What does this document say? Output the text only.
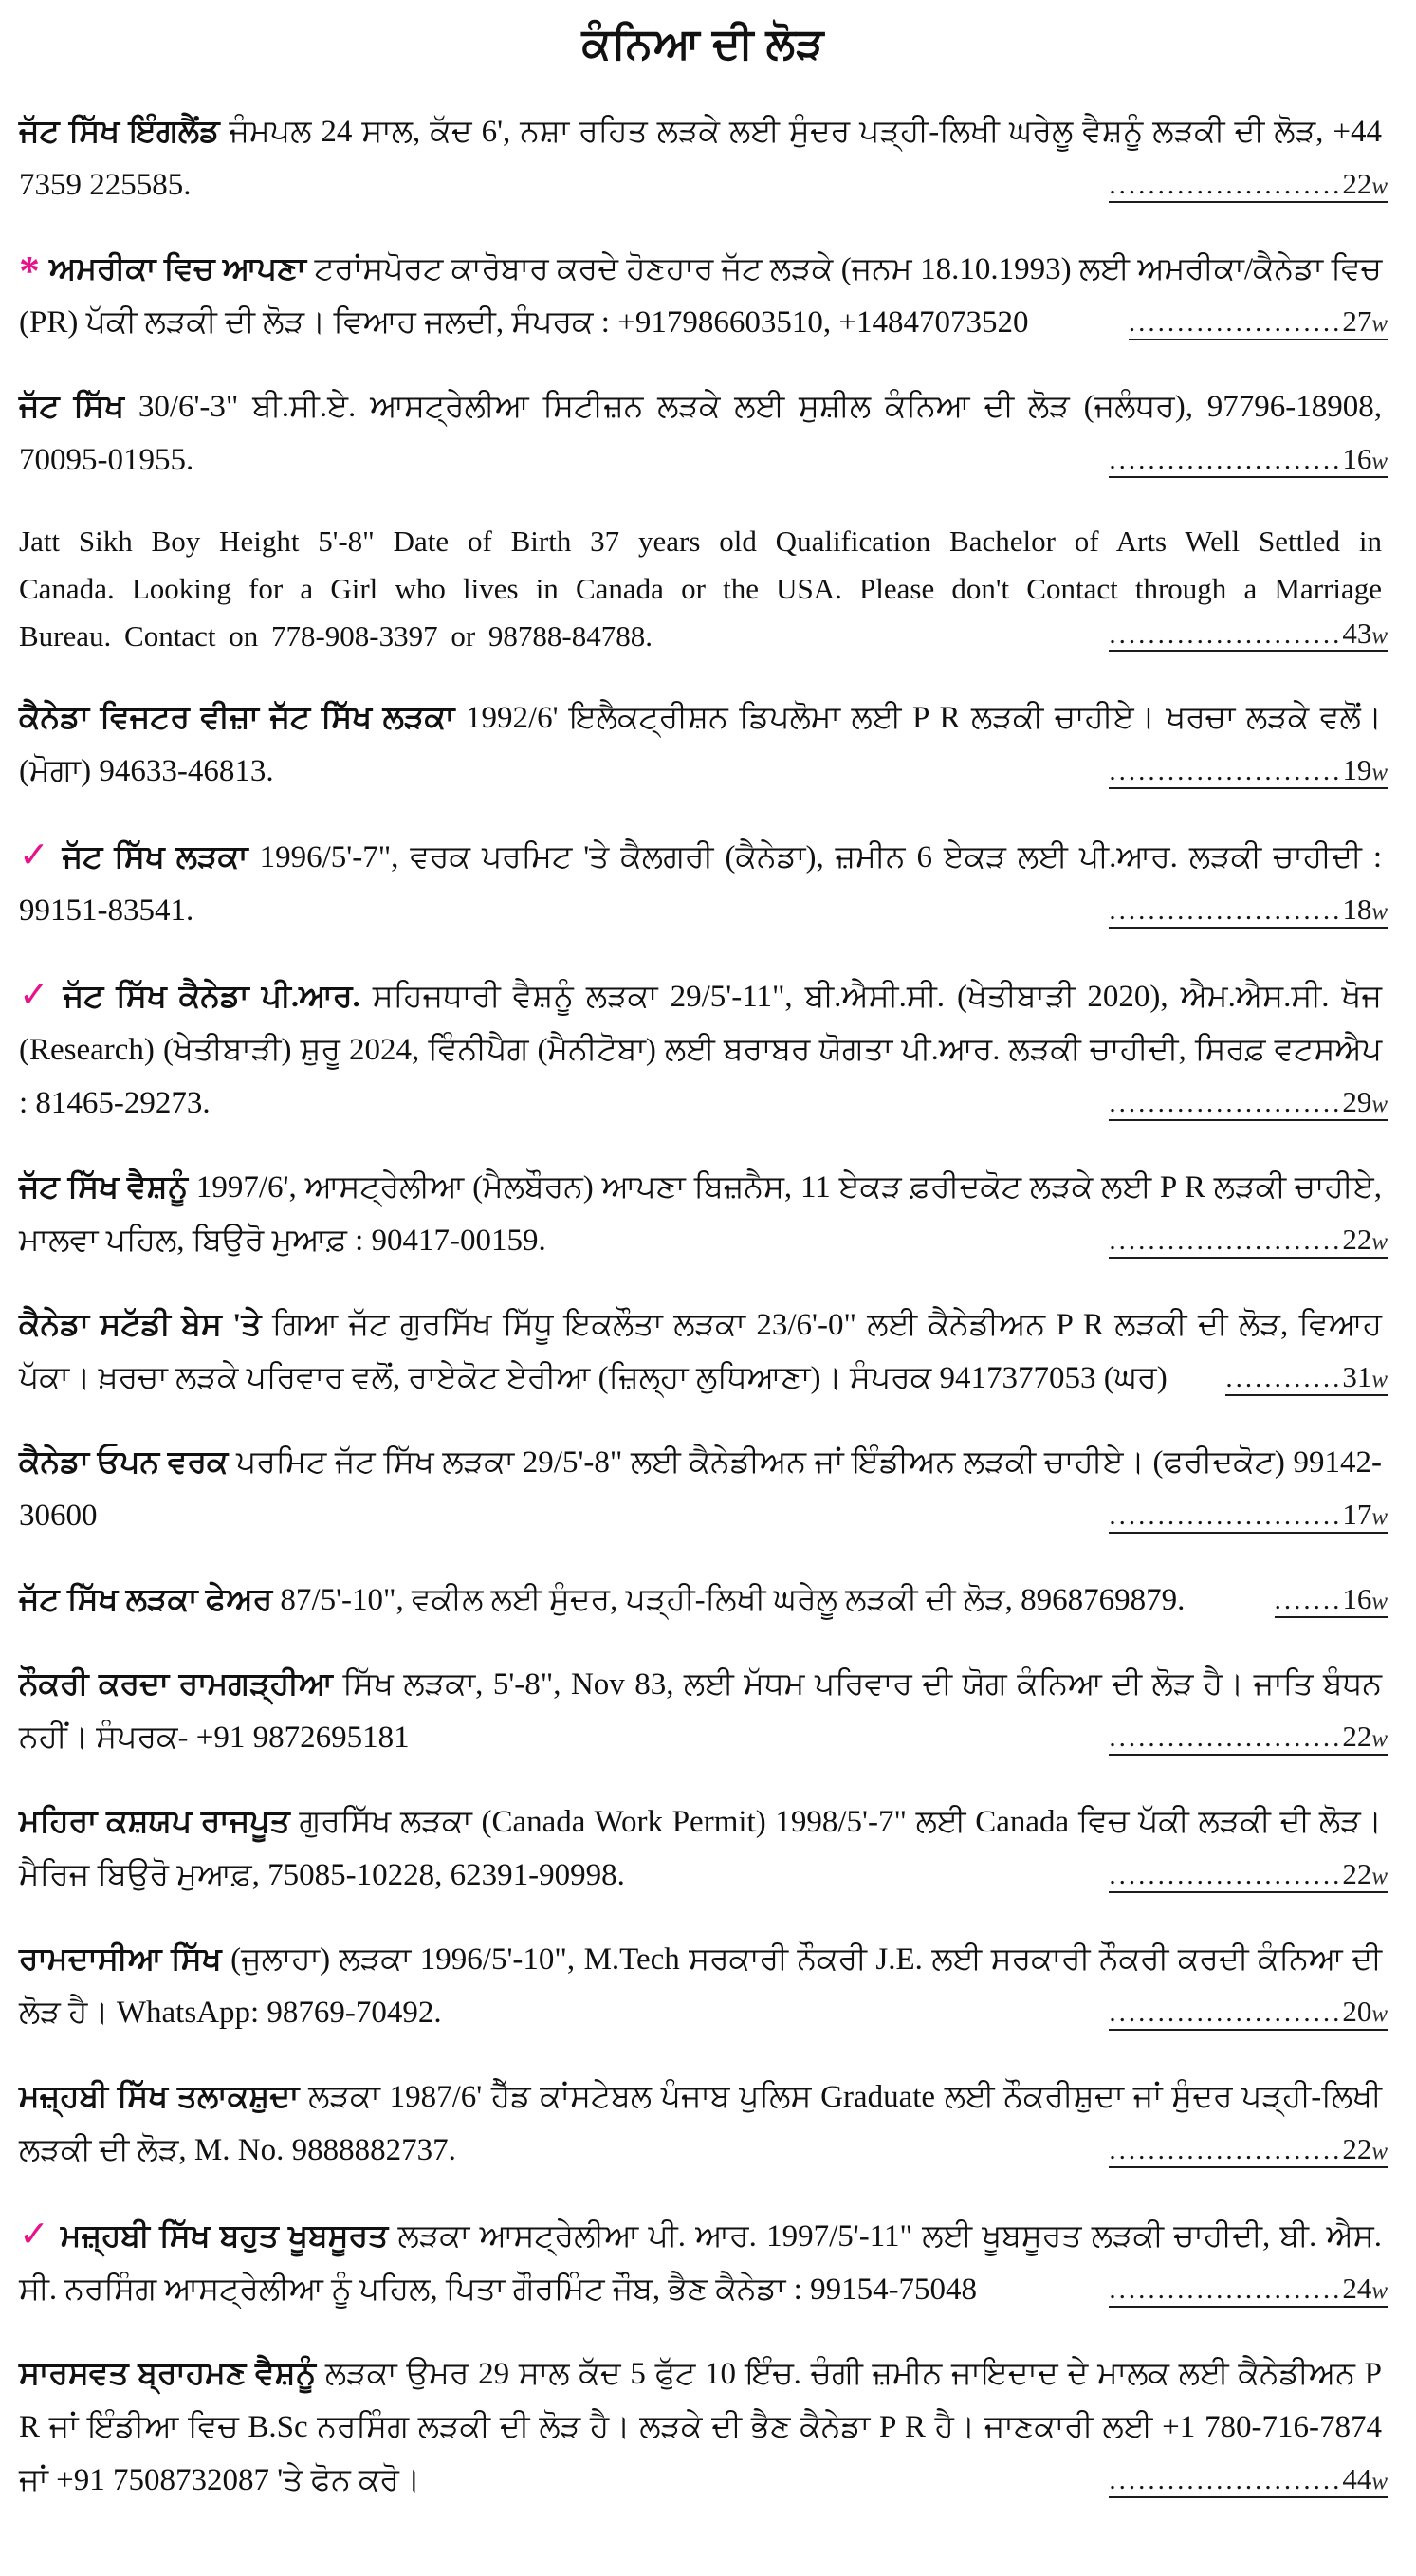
ਕੰਨਿਆ ਦੀ ਲੋੜ
ਜੱਟ ਸਿੱਖ ਇੰਗਲੈਂਡ ਜੰਮਪਲ 24 ਸਾਲ, ਕੱਦ 6', ਨਸ਼ਾ ਰਹਿਤ ਲੜਕੇ ਲਈ ਸੁੰਦਰ ਪੜ੍ਹੀ-ਲਿਖੀ ਘਰੇਲੂ ਵੈਸ਼ਨੂੰ ਲੜਕੀ ਦੀ ਲੋੜ, +44 7359 225585.	........................22w
* ਅਮਰੀਕਾ ਵਿਚ ਆਪਣਾ ਟਰਾਂਸਪੋਰਟ ਕਾਰੋਬਾਰ ਕਰਦੇ ਹੋਣਹਾਰ ਜੱਟ ਲੜਕੇ (ਜਨਮ 18.10.1993) ਲਈ ਅਮਰੀਕਾ/ਕੈਨੇਡਾ ਵਿਚ (PR) ਪੱਕੀ ਲੜਕੀ ਦੀ ਲੋੜ। ਵਿਆਹ ਜਲਦੀ, ਸੰਪਰਕ : +917986603510, +14847073520	......................27w
ਜੱਟ ਸਿੱਖ 30/6'-3" ਬੀ.ਸੀ.ਏ. ਆਸਟ੍ਰੇਲੀਆ ਸਿਟੀਜ਼ਨ ਲੜਕੇ ਲਈ ਸੁਸ਼ੀਲ ਕੰਨਿਆ ਦੀ ਲੋੜ (ਜਲੰਧਰ), 97796-18908, 70095-01955.	........................16w
Jatt Sikh Boy Height 5'-8" Date of Birth 37 years old Qualification Bachelor of Arts Well Settled in Canada. Looking for a Girl who lives in Canada or the USA. Please don't Contact through a Marriage Bureau. Contact on 778-908-3397 or 98788-84788.	........................43w
ਕੈਨੇਡਾ ਵਿਜਟਰ ਵੀਜ਼ਾ ਜੱਟ ਸਿੱਖ ਲੜਕਾ 1992/6' ਇਲੈਕਟ੍ਰੀਸ਼ਨ ਡਿਪਲੋਮਾ ਲਈ P R ਲੜਕੀ ਚਾਹੀਏ। ਖਰਚਾ ਲੜਕੇ ਵਲੋਂ। (ਮੋਗਾ) 94633-46813.	........................19w
✓ ਜੱਟ ਸਿੱਖ ਲੜਕਾ 1996/5'-7", ਵਰਕ ਪਰਮਿਟ 'ਤੇ ਕੈਲਗਰੀ (ਕੈਨੇਡਾ), ਜ਼ਮੀਨ 6 ਏਕੜ ਲਈ ਪੀ.ਆਰ. ਲੜਕੀ ਚਾਹੀਦੀ : 99151-83541.	........................18w
✓ ਜੱਟ ਸਿੱਖ ਕੈਨੇਡਾ ਪੀ.ਆਰ. ਸਹਿਜਧਾਰੀ ਵੈਸ਼ਨੂੰ ਲੜਕਾ 29/5'-11", ਬੀ.ਐਸੀ.ਸੀ. (ਖੇਤੀਬਾੜੀ 2020), ਐਮ.ਐਸ.ਸੀ. ਖੋਜ (Research) (ਖੇਤੀਬਾੜੀ) ਸ਼ੁਰੂ 2024, ਵਿੰਨੀਪੈਗ (ਮੈਨੀਟੋਬਾ) ਲਈ ਬਰਾਬਰ ਯੋਗਤਾ ਪੀ.ਆਰ. ਲੜਕੀ ਚਾਹੀਦੀ, ਸਿਰਫ਼ ਵਟਸਐਪ : 81465-29273.	........................29w
ਜੱਟ ਸਿੱਖ ਵੈਸ਼ਨੂੰ 1997/6', ਆਸਟ੍ਰੇਲੀਆ (ਮੈਲਬੌਰਨ) ਆਪਣਾ ਬਿਜ਼ਨੈਸ, 11 ਏਕੜ ਫ਼ਰੀਦਕੋਟ ਲੜਕੇ ਲਈ P R ਲੜਕੀ ਚਾਹੀਏ, ਮਾਲਵਾ ਪਹਿਲ, ਬਿਉਰੋ ਮੁਆਫ਼ : 90417-00159.	........................22w
ਕੈਨੇਡਾ ਸਟੱਡੀ ਬੇਸ 'ਤੇ ਗਿਆ ਜੱਟ ਗੁਰਸਿੱਖ ਸਿੱਧੂ ਇਕਲੌਤਾ ਲੜਕਾ 23/6'-0" ਲਈ ਕੈਨੇਡੀਅਨ P R ਲੜਕੀ ਦੀ ਲੋੜ, ਵਿਆਹ ਪੱਕਾ। ਖ਼ਰਚਾ ਲੜਕੇ ਪਰਿਵਾਰ ਵਲੋਂ, ਰਾਏਕੋਟ ਏਰੀਆ (ਜ਼ਿਲ੍ਹਾ ਲੁਧਿਆਣਾ)। ਸੰਪਰਕ 9417377053 (ਘਰ) ............31w
ਕੈਨੇਡਾ ਓਪਨ ਵਰਕ ਪਰਮਿਟ ਜੱਟ ਸਿੱਖ ਲੜਕਾ 29/5'-8" ਲਈ ਕੈਨੇਡੀਅਨ ਜਾਂ ਇੰਡੀਅਨ ਲੜਕੀ ਚਾਹੀਏ। (ਫਰੀਦਕੋਟ) 99142-30600	........................17w
ਜੱਟ ਸਿੱਖ ਲੜਕਾ ਫੇਅਰ 87/5'-10", ਵਕੀਲ ਲਈ ਸੁੰਦਰ, ਪੜ੍ਹੀ-ਲਿਖੀ ਘਰੇਲੂ ਲੜਕੀ ਦੀ ਲੋੜ, 8968769879.	.......16w
ਨੌਕਰੀ ਕਰਦਾ ਰਾਮਗੜ੍ਹੀਆ ਸਿੱਖ ਲੜਕਾ, 5'-8", Nov 83, ਲਈ ਮੱਧਮ ਪਰਿਵਾਰ ਦੀ ਯੋਗ ਕੰਨਿਆ ਦੀ ਲੋੜ ਹੈ। ਜਾਤਿ ਬੰਧਨ ਨਹੀਂ। ਸੰਪਰਕ- +91 9872695181	........................22w
ਮਹਿਰਾ ਕਸ਼ਯਪ ਰਾਜਪੂਤ ਗੁਰਸਿੱਖ ਲੜਕਾ (Canada Work Permit) 1998/5'-7" ਲਈ Canada ਵਿਚ ਪੱਕੀ ਲੜਕੀ ਦੀ ਲੋੜ। ਮੈਰਿਜ ਬਿਉਰੋ ਮੁਆਫ਼, 75085-10228, 62391-90998.	........................22w
ਰਾਮਦਾਸੀਆ ਸਿੱਖ (ਜੁਲਾਹਾ) ਲੜਕਾ 1996/5'-10", M.Tech ਸਰਕਾਰੀ ਨੌਕਰੀ J.E. ਲਈ ਸਰਕਾਰੀ ਨੌਕਰੀ ਕਰਦੀ ਕੰਨਿਆ ਦੀ ਲੋੜ ਹੈ। WhatsApp: 98769-70492.	........................20w
ਮਜ਼੍ਹਬੀ ਸਿੱਖ ਤਲਾਕਸ਼ੁਦਾ ਲੜਕਾ 1987/6' ਹੈੱਡ ਕਾਂਸਟੇਬਲ ਪੰਜਾਬ ਪੁਲਿਸ Graduate ਲਈ ਨੌਕਰੀਸ਼ੁਦਾ ਜਾਂ ਸੁੰਦਰ ਪੜ੍ਹੀ-ਲਿਖੀ ਲੜਕੀ ਦੀ ਲੋੜ, M. No. 9888882737.	........................22w
✓ ਮਜ਼੍ਹਬੀ ਸਿੱਖ ਬਹੁਤ ਖੂਬਸੂਰਤ ਲੜਕਾ ਆਸਟ੍ਰੇਲੀਆ ਪੀ. ਆਰ. 1997/5'-11" ਲਈ ਖੂਬਸੂਰਤ ਲੜਕੀ ਚਾਹੀਦੀ, ਬੀ. ਐਸ. ਸੀ. ਨਰਸਿੰਗ ਆਸਟ੍ਰੇਲੀਆ ਨੂੰ ਪਹਿਲ, ਪਿਤਾ ਗੌਰਮਿੰਟ ਜੌਬ, ਭੈਣ ਕੈਨੇਡਾ : 99154-75048	........................24w
ਸਾਰਸਵਤ ਬ੍ਰਾਹਮਣ ਵੈਸ਼ਨੂੰ ਲੜਕਾ ਉਮਰ 29 ਸਾਲ ਕੱਦ 5 ਫੁੱਟ 10 ਇੰਚ. ਚੰਗੀ ਜ਼ਮੀਨ ਜਾਇਦਾਦ ਦੇ ਮਾਲਕ ਲਈ ਕੈਨੇਡੀਅਨ P R ਜਾਂ ਇੰਡੀਆ ਵਿਚ B.Sc ਨਰਸਿੰਗ ਲੜਕੀ ਦੀ ਲੋੜ ਹੈ। ਲੜਕੇ ਦੀ ਭੈਣ ਕੈਨੇਡਾ P R ਹੈ। ਜਾਣਕਾਰੀ ਲਈ +1 780-716-7874 ਜਾਂ +91 7508732087 'ਤੇ ਫੋਨ ਕਰੋ।	........................44w
